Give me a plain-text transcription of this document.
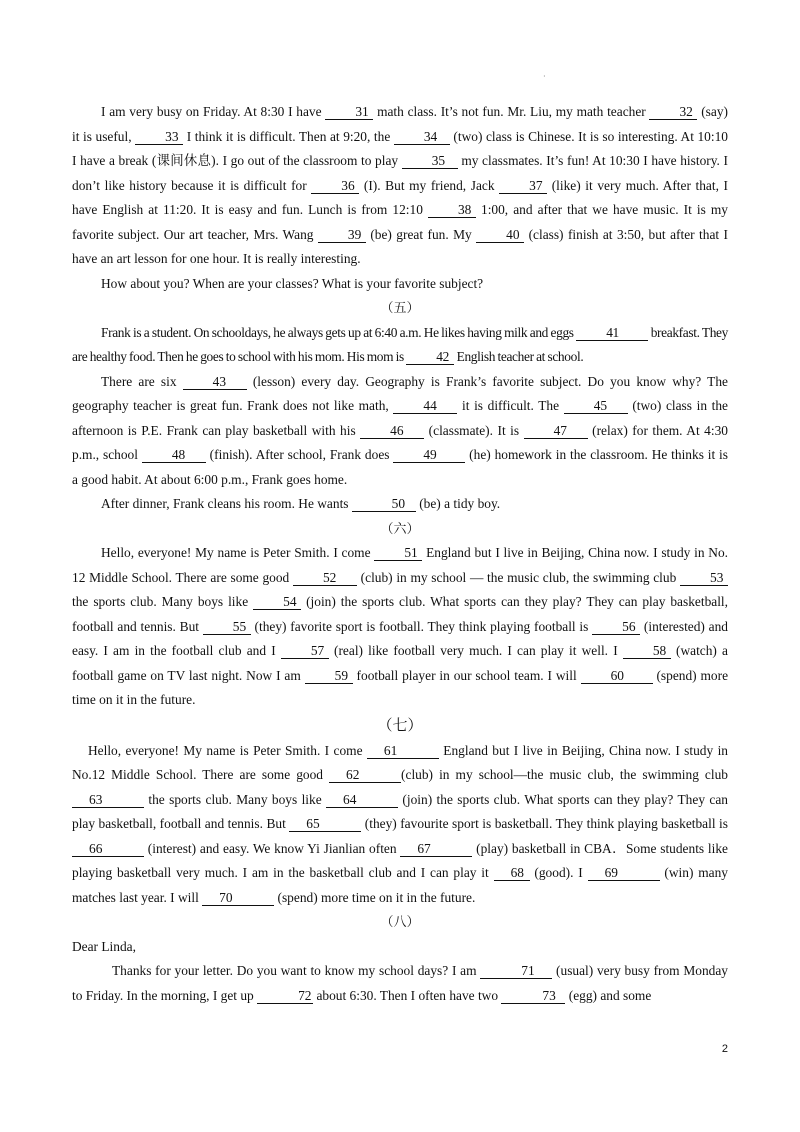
·

I am very busy on Friday. At 8:30 I have 31 math class. It’s not fun. Mr. Liu, my math teacher 32 (say) it is useful, 33 I think it is difficult. Then at 9:20, the 34 (two) class is Chinese. It is so interesting. At 10:10 I have a break (课间休息). I go out of the classroom to play 35 my classmates. It’s fun! At 10:30 I have history. I don’t like history because it is difficult for 36 (I). But my friend, Jack 37 (like) it very much. After that, I have English at 11:20. It is easy and fun. Lunch is from 12:10 38 1:00, and after that we have music. It is my favorite subject. Our art teacher, Mrs. Wang 39 (be) great fun. My 40 (class) finish at 3:50, but after that I have an art lesson for one hour. It is really interesting.

How about you? When are your classes? What is your favorite subject?

（五）

Frank is a student. On schooldays, he always gets up at 6:40 a.m. He likes having milk and eggs 41 breakfast. They are healthy food. Then he goes to school with his mom. His mom is 42 English teacher at school.

There are six 43 (lesson) every day. Geography is Frank’s favorite subject. Do you know why? The geography teacher is great fun. Frank does not like math, 44 it is difficult. The 45 (two) class in the afternoon is P.E. Frank can play basketball with his 46 (classmate). It is 47 (relax) for them. At 4:30 p.m., school 48 (finish). After school, Frank does 49 (he) homework in the classroom. He thinks it is a good habit. At about 6:00 p.m., Frank goes home.

After dinner, Frank cleans his room. He wants	50 (be) a tidy boy.

（六）

Hello, everyone! My name is Peter Smith. I come 51 England but I live in Beijing, China now. I study in No. 12 Middle School. There are some good 52 (club) in my school — the music club, the swimming club 53 the sports club. Many boys like 54 (join) the sports club. What sports can they play? They can play basketball, football and tennis. But 55 (they) favorite sport is football. They think playing football is 56 (interested) and easy. I am in the football club and I 57 (real) like football very much. I can play it well. I 58 (watch) a football game on TV last night. Now I am 59 football player in our school team. I will 60 (spend) more time on it in the future.

（七）

Hello, everyone! My name is Peter Smith. I come 61	England but I live in Beijing, China now. I study in No.12 Middle School. There are some good 62	(club) in my school—the music club, the swimming club 63	the sports club. Many boys like 64	(join) the sports club. What sports can they play? They can play basketball, football and tennis. But 65	(they) favourite sport is basketball. They think playing basketball is 66	(interest) and easy. We know Yi Jianlian often 67	(play) basketball in CBA．Some students like playing basketball very much. I am in the basketball club and I can play it 68 (good). I 69	(win) many matches last year. I will 70	(spend) more time on it in the future.

（八）

Dear Linda,

Thanks for your letter. Do you want to know my school days? I am	71 (usual) very busy from Monday to Friday. In the morning, I get up	72 about 6:30. Then I often have two	73 (egg) and some

2
